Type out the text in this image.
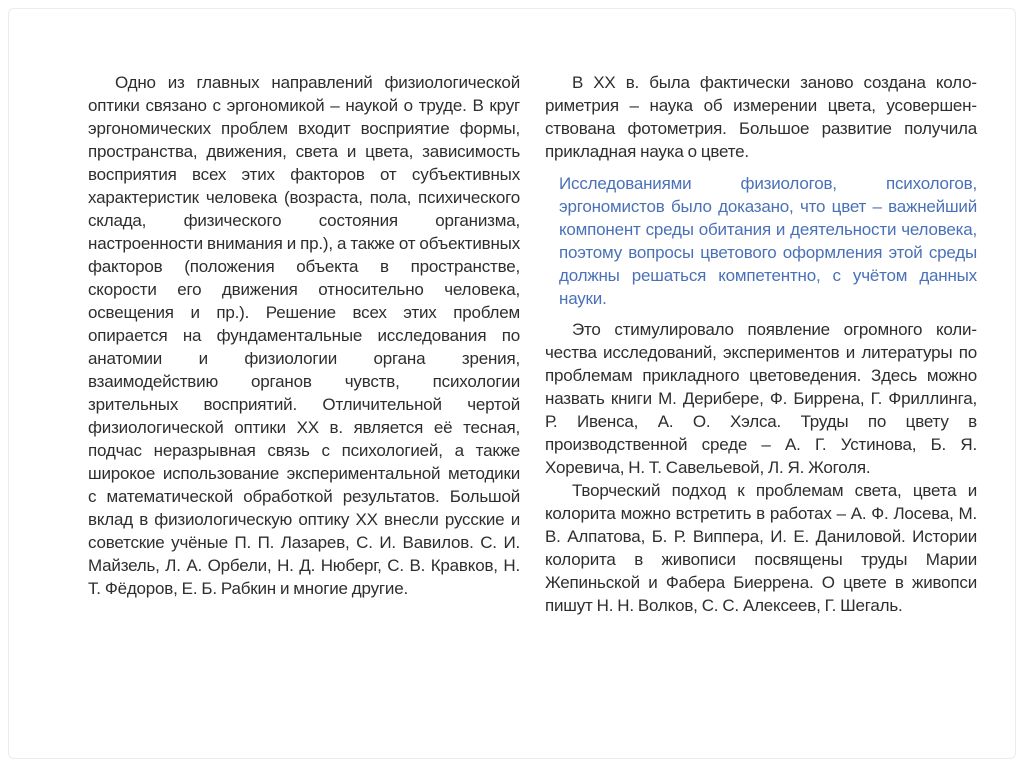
Одно из главных направлений физиологической оптики связано с эргономикой – наукой о труде. В круг эргономических проблем входит восприятие формы, пространства, движения, света и цвета, зависимость восприятия всех этих факторов от субъективных характеристик человека (возраста, пола, психического склада, физического состояния организма, настроенности внимания и пр.), а также от объективных факторов (положения объекта в пространстве, скорости его движения относительно человека, освещения и пр.). Решение всех этих проблем опирается на фундаментальные исследования по анатомии и физиологии органа зрения, взаимодействию органов чувств, психологии зрительных восприятий. Отличительной чертой физиологической оптики XX в. является её тесная, подчас неразрывная связь с психологией, а также широкое использование экспериментальной методики с математической обработкой результатов. Большой вклад в физиологическую оптику XX внесли русские и советские учёные П. П. Лазарев, С. И. Вавилов. С. И. Майзель, Л. А. Орбели, Н. Д. Нюберг, С. В. Кравков, Н. Т. Фёдоров, Е. Б. Рабкин и многие другие.

В XX в. была фактически заново создана колориметрия – наука об измерении цвета, усовершенствована фотометрия. Большое развитие получила прикладная наука о цвете.

Исследованиями физиологов, психологов, эргономистов было доказано, что цвет – важнейший компонент среды обитания и деятельности человека, поэтому вопросы цветового оформления этой среды должны решаться компетентно, с учётом данных науки.

Это стимулировало появление огромного количества исследований, экспериментов и литературы по проблемам прикладного цветоведения. Здесь можно назвать книги М. Дерибере, Ф. Биррена, Г. Фриллинга, Р. Ивенса, А. О. Хэлса. Труды по цвету в производственной среде – А. Г. Устинова, Б. Я. Хоревича, Н. Т. Савельевой, Л. Я. Жоголя.

Творческий подход к проблемам света, цвета и колорита можно встретить в работах – А. Ф. Лосева, М. В. Алпатова, Б. Р. Виппера, И. Е. Даниловой. Истории колорита в живописи посвящены труды Марии Жепиньской и Фабера Биеррена. О цвете в живопси пишут Н. Н. Волков, С. С. Алексеев, Г. Шегаль.
